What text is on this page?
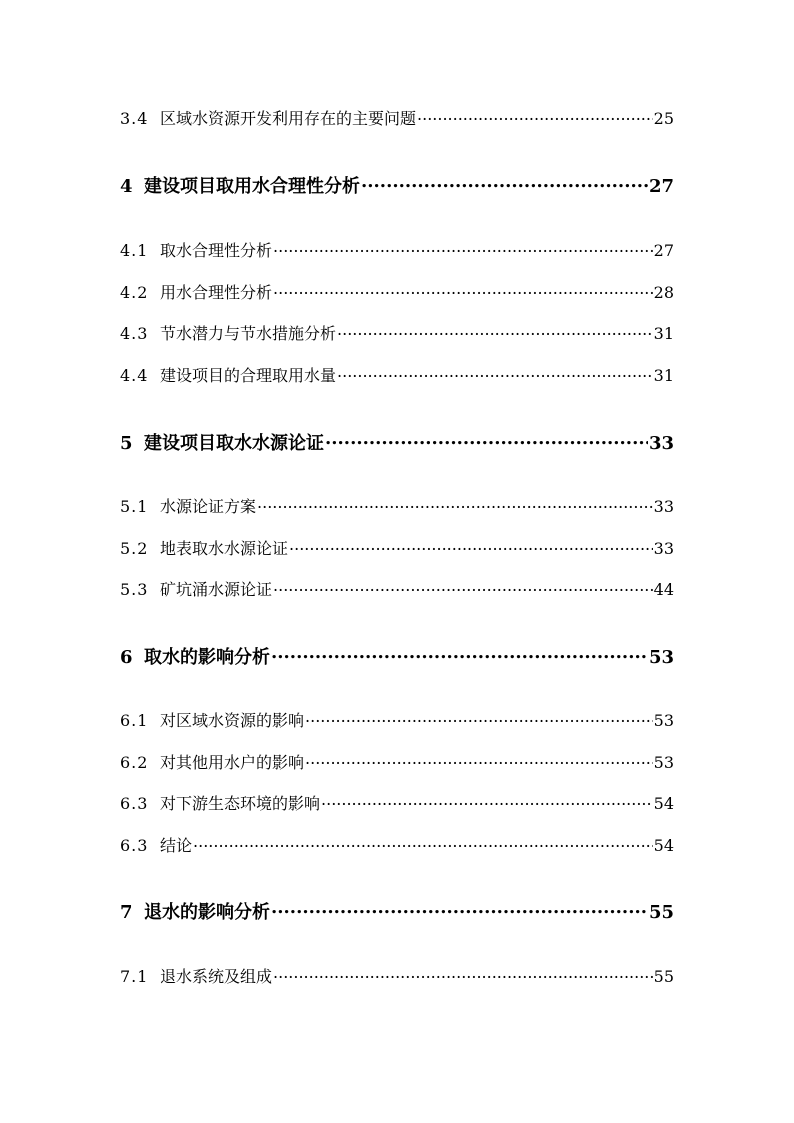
3.4 区域水资源开发利用存在的主要问题 .....	25
4 建设项目取用水合理性分析 .....	27
4.1 取水合理性分析 .....	27
4.2 用水合理性分析 .....	28
4.3 节水潜力与节水措施分析 .....	31
4.4 建设项目的合理取用水量 .....	31
5 建设项目取水水源论证 .....	33
5.1 水源论证方案 .....	33
5.2 地表取水水源论证 .....	33
5.3 矿坑涌水源论证 .....	44
6 取水的影响分析 .....	53
6.1 对区域水资源的影响 .....	53
6.2 对其他用水户的影响 .....	53
6.3 对下游生态环境的影响 .....	54
6.3 结论 .....	54
7 退水的影响分析 .....	55
7.1 退水系统及组成 .....	55
